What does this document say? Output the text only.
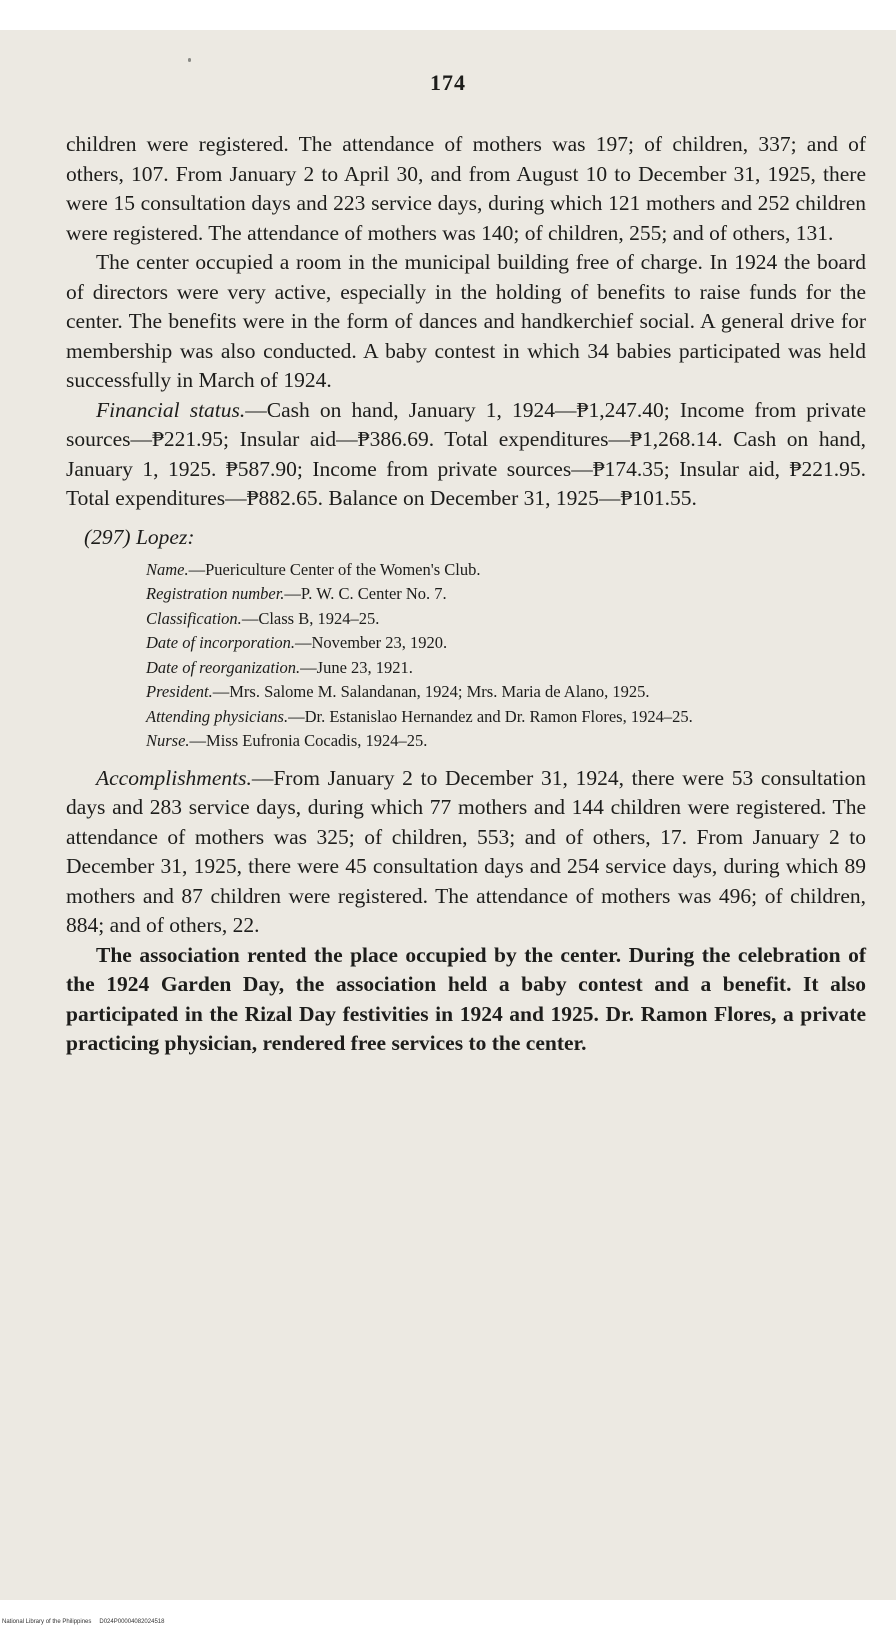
174

children were registered. The attendance of mothers was 197; of children, 337; and of others, 107. From January 2 to April 30, and from August 10 to December 31, 1925, there were 15 consultation days and 223 service days, during which 121 mothers and 252 children were registered. The attendance of mothers was 140; of children, 255; and of others, 131.

The center occupied a room in the municipal building free of charge. In 1924 the board of directors were very active, especially in the holding of benefits to raise funds for the center. The benefits were in the form of dances and handkerchief social. A general drive for membership was also conducted. A baby contest in which 34 babies participated was held successfully in March of 1924.

Financial status.—Cash on hand, January 1, 1924—₱1,247.40; Income from private sources—₱221.95; Insular aid—₱386.69. Total expenditures—₱1,268.14. Cash on hand, January 1, 1925. ₱587.90; Income from private sources—₱174.35; Insular aid, ₱221.95. Total expenditures—₱882.65. Balance on December 31, 1925—₱101.55.

(297) Lopez:
Name.—Puericulture Center of the Women's Club.
Registration number.—P. W. C. Center No. 7.
Classification.—Class B, 1924–25.
Date of incorporation.—November 23, 1920.
Date of reorganization.—June 23, 1921.
President.—Mrs. Salome M. Salandanan, 1924; Mrs. Maria de Alano, 1925.
Attending physicians.—Dr. Estanislao Hernandez and Dr. Ramon Flores, 1924–25.
Nurse.—Miss Eufronia Cocadis, 1924–25.

Accomplishments.—From January 2 to December 31, 1924, there were 53 consultation days and 283 service days, during which 77 mothers and 144 children were registered. The attendance of mothers was 325; of children, 553; and of others, 17. From January 2 to December 31, 1925, there were 45 consultation days and 254 service days, during which 89 mothers and 87 children were registered. The attendance of mothers was 496; of children, 884; and of others, 22.

The association rented the place occupied by the center. During the celebration of the 1924 Garden Day, the association held a baby contest and a benefit. It also participated in the Rizal Day festivities in 1924 and 1925. Dr. Ramon Flores, a private practicing physician, rendered free services to the center.

National Library of the Philippines D024P00004082024518
